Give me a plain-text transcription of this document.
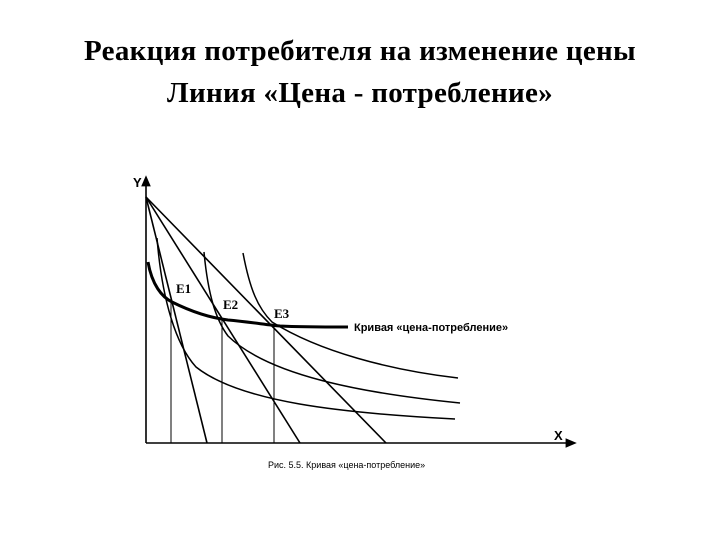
Реакция потребителя на изменение цены
Линия «Цена - потребление»
Y
X
E1
E2
E3
Кривая «цена-потребление»
Рис. 5.5. Кривая «цена-потребление»
